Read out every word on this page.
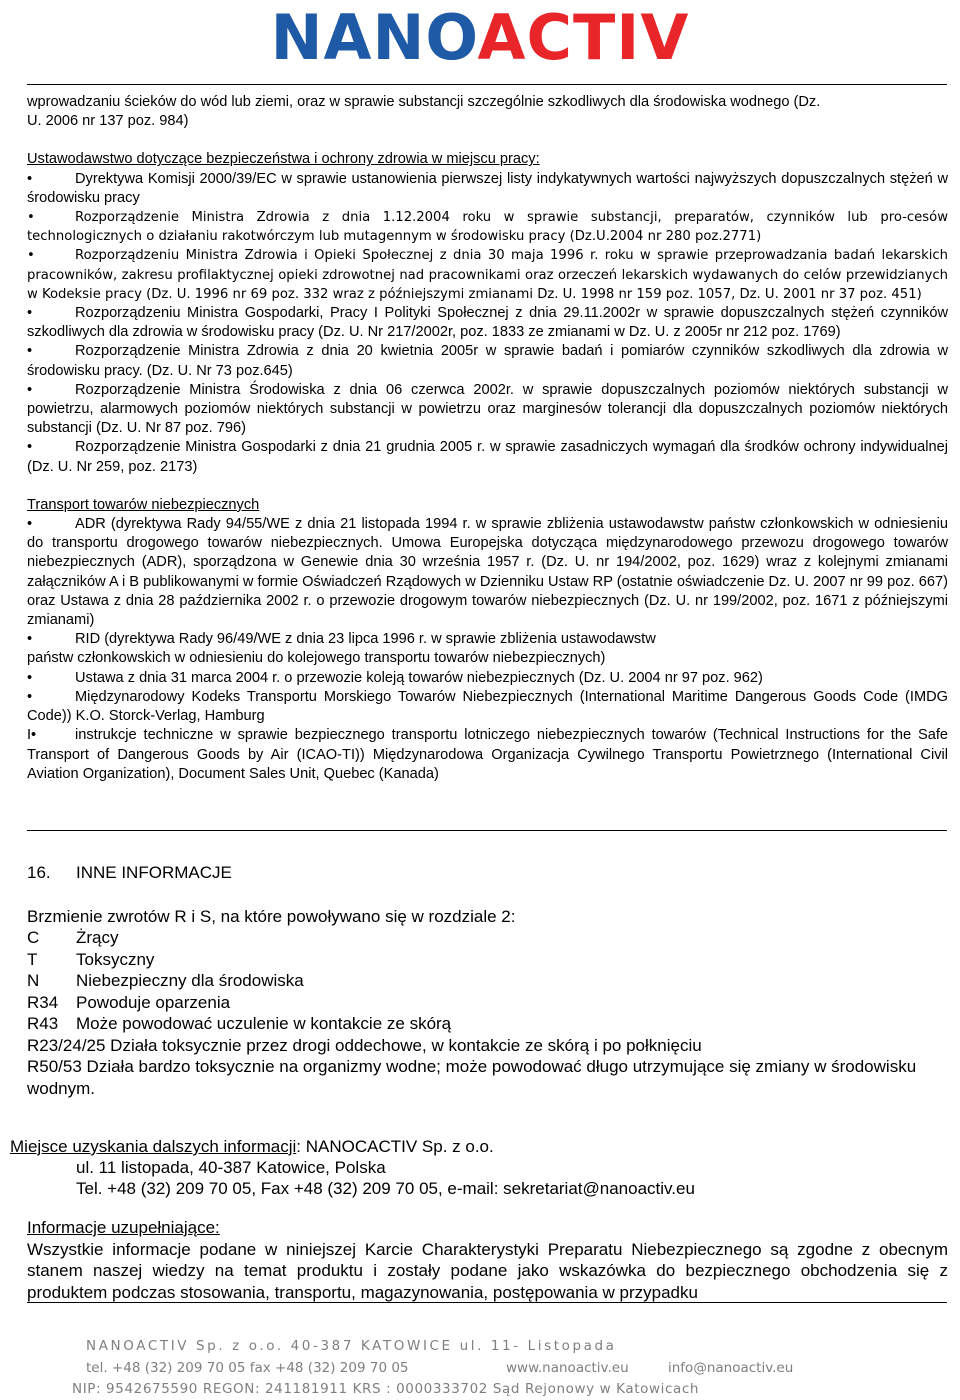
NANOACTIV

wprowadzaniu ścieków do wód lub ziemi, oraz w sprawie substancji szczególnie szkodliwych dla środowiska wodnego (Dz.

U. 2006 nr 137 poz. 984)

Ustawodawstwo dotyczące bezpieczeństwa i ochrony zdrowia w miejscu pracy:

•	Dyrektywa Komisji 2000/39/EC w sprawie ustanowienia pierwszej listy indykatywnych wartości najwyższych dopuszczalnych stężeń w środowisku pracy

•	Rozporządzenie Ministra Zdrowia z dnia 1.12.2004 roku w sprawie substancji, preparatów, czynników lub pro-cesów technologicznych o działaniu rakotwórczym lub mutagennym w środowisku pracy (Dz.U.2004 nr 280 poz.2771)

•	Rozporządzeniu Ministra Zdrowia i Opieki Społecznej z dnia 30 maja 1996 r. roku w sprawie przeprowadzania badań lekarskich pracowników, zakresu profilaktycznej opieki zdrowotnej nad pracownikami oraz orzeczeń lekarskich wydawanych do celów przewidzianych w Kodeksie pracy (Dz. U. 1996 nr 69 poz. 332 wraz z późniejszymi zmianami Dz. U. 1998 nr 159 poz. 1057, Dz. U. 2001 nr 37 poz. 451)

•	Rozporządzeniu Ministra Gospodarki, Pracy I Polityki Społecznej z dnia 29.11.2002r w sprawie dopuszczalnych stężeń czynników szkodliwych dla zdrowia w środowisku pracy (Dz. U. Nr 217/2002r, poz. 1833 ze zmianami w Dz. U. z 2005r nr 212 poz. 1769)

•	Rozporządzenie Ministra Zdrowia z dnia 20 kwietnia 2005r w sprawie badań i pomiarów czynników szkodliwych dla zdrowia w środowisku pracy. (Dz. U. Nr 73 poz.645)

•	Rozporządzenie Ministra Środowiska z dnia 06 czerwca 2002r. w sprawie dopuszczalnych poziomów niektórych substancji w powietrzu, alarmowych poziomów niektórych substancji w powietrzu oraz marginesów tolerancji dla dopuszczalnych poziomów niektórych substancji (Dz. U. Nr 87 poz. 796)

•	Rozporządzenie Ministra Gospodarki z dnia 21 grudnia 2005 r. w sprawie zasadniczych wymagań dla środków ochrony indywidualnej (Dz. U. Nr 259, poz. 2173)

Transport towarów niebezpiecznych

•	ADR (dyrektywa Rady 94/55/WE z dnia 21 listopada 1994 r. w sprawie zbliżenia ustawodawstw państw członkowskich w odniesieniu do transportu drogowego towarów niebezpiecznych. Umowa Europejska dotycząca międzynarodowego przewozu drogowego towarów niebezpiecznych (ADR), sporządzona w Genewie dnia 30 września 1957 r. (Dz. U. nr 194/2002, poz. 1629) wraz z kolejnymi zmianami załączników A i B publikowanymi w formie Oświadczeń Rządowych w Dzienniku Ustaw RP (ostatnie oświadczenie Dz. U. 2007 nr 99 poz. 667) oraz Ustawa z dnia 28 października 2002 r. o przewozie drogowym towarów niebezpiecznych (Dz. U. nr 199/2002, poz. 1671 z późniejszymi zmianami)

•	RID (dyrektywa Rady 96/49/WE z dnia 23 lipca 1996 r. w sprawie zbliżenia ustawodawstw

państw członkowskich w odniesieniu do kolejowego transportu towarów niebezpiecznych)

•	Ustawa z dnia 31 marca 2004 r. o przewozie koleją towarów niebezpiecznych (Dz. U. 2004 nr 97 poz. 962)

•	Międzynarodowy Kodeks Transportu Morskiego Towarów Niebezpiecznych (International Maritime Dangerous Goods Code (IMDG Code)) K.O. Storck-Verlag, Hamburg

I•	instrukcje techniczne w sprawie bezpiecznego transportu lotniczego niebezpiecznych towarów (Technical Instructions for the Safe Transport of Dangerous Goods by Air (ICAO-TI)) Międzynarodowa Organizacja Cywilnego Transportu Powietrznego (International Civil Aviation Organization), Document Sales Unit, Quebec (Kanada)

16.	INNE INFORMACJE

Brzmienie zwrotów R i S, na które powoływano się w rozdziale 2:

C	Żrący
T	Toksyczny
N	Niebezpieczny dla środowiska
R34	Powoduje oparzenia
R43	Może powodować uczulenie w kontakcie ze skórą

R23/24/25 Działa toksycznie przez drogi oddechowe, w kontakcie ze skórą i po połknięciu

R50/53 Działa bardzo toksycznie na organizmy wodne; może powodować długo utrzymujące się zmiany w środowisku wodnym.

Miejsce uzyskania dalszych informacji: NANOCACTIV Sp. z o.o.

ul. 11 listopada, 40-387 Katowice, Polska

Tel. +48 (32) 209 70 05, Fax +48 (32) 209 70 05, e-mail: sekretariat@nanoactiv.eu

Informacje uzupełniające:

Wszystkie informacje podane w niniejszej Karcie Charakterystyki Preparatu Niebezpiecznego są zgodne z obecnym stanem naszej wiedzy na temat produktu i zostały podane jako wskazówka do bezpiecznego obchodzenia się z produktem podczas stosowania, transportu, magazynowania, postępowania w przypadku

NANOACTIV Sp. z o.o. 40-387 KATOWICE ul. 11- Listopada
tel. +48 (32) 209 70 05 fax +48 (32) 209 70 05	www.nanoactiv.eu	info@nanoactiv.eu
NIP: 9542675590 REGON: 241181911 KRS : 0000333702 Sąd Rejonowy w Katowicach
